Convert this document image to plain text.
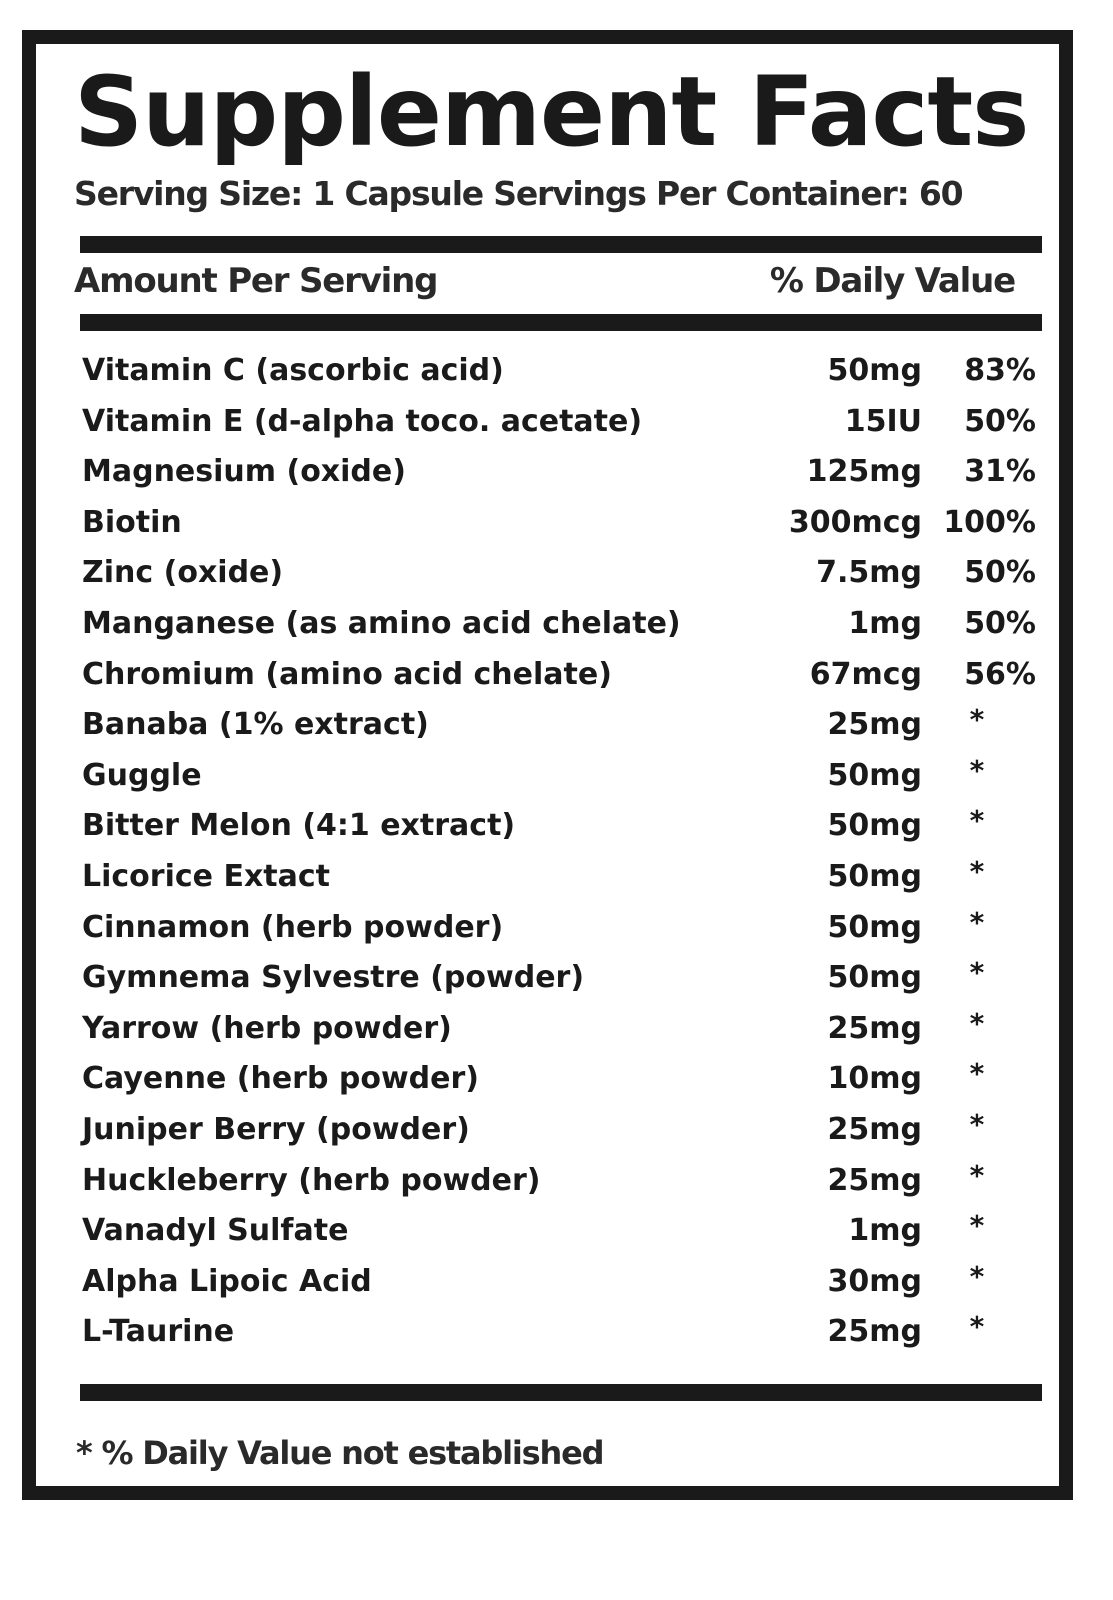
Supplement Facts
Serving Size: 1 Capsule Servings Per Container: 60
Amount Per Serving	% Daily Value
Vitamin C (ascorbic acid)	50mg	83%
Vitamin E (d-alpha toco. acetate)	15IU	50%
Magnesium (oxide)	125mg	31%
Biotin	300mcg 100%
Zinc (oxide)	7.5mg	50%
Manganese (as amino acid chelate)	1mg	50%
Chromium (amino acid chelate)	67mcg	56%
Banaba (1% extract)	25mg	*
Guggle	50mg	*
Bitter Melon (4:1 extract)	50mg	*
Licorice Extact	50mg	*
Cinnamon (herb powder)	50mg	*
Gymnema Sylvestre (powder)	50mg	*
Yarrow (herb powder)	25mg	*
Cayenne (herb powder)	10mg	*
Juniper Berry (powder)	25mg	*
Huckleberry (herb powder)	25mg	*
Vanadyl Sulfate	1mg	*
Alpha Lipoic Acid	30mg	*
L-Taurine	25mg	*
* % Daily Value not established
